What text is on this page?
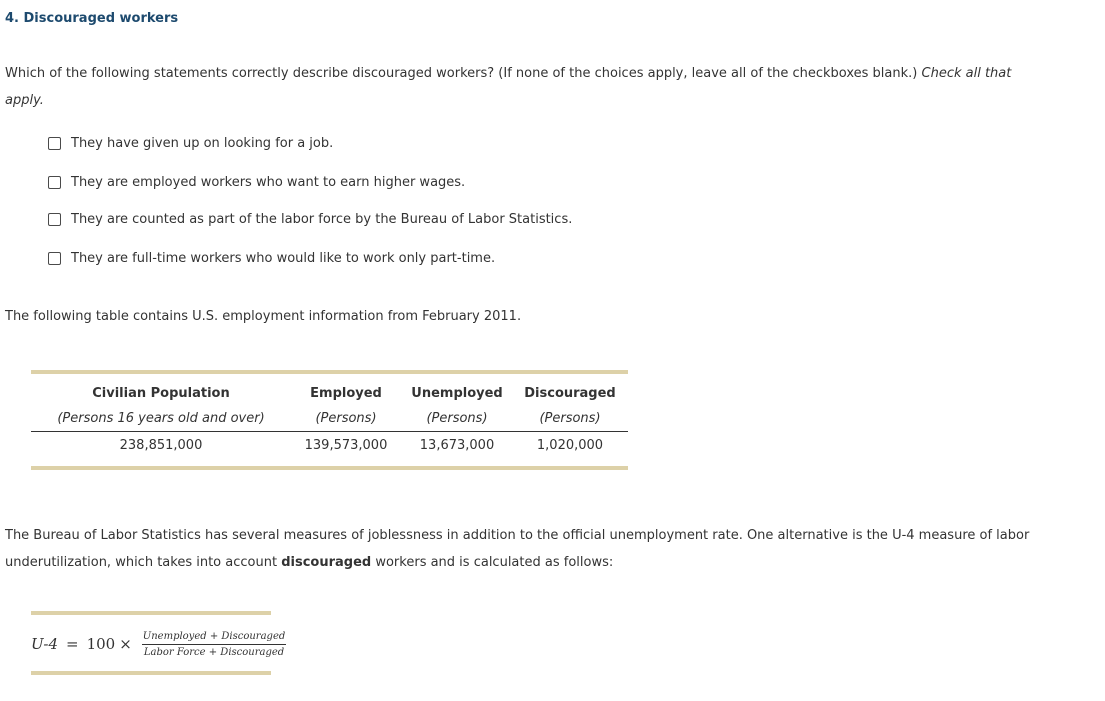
4. Discouraged workers
Which of the following statements correctly describe discouraged workers? (If none of the choices apply, leave all of the checkboxes blank.) Check all that apply.
They have given up on looking for a job.
They are employed workers who want to earn higher wages.
They are counted as part of the labor force by the Bureau of Labor Statistics.
They are full-time workers who would like to work only part-time.
The following table contains U.S. employment information from February 2011.
Civilian Population	Employed	Unemployed	Discouraged
(Persons 16 years old and over)	(Persons)	(Persons)	(Persons)
238,851,000	139,573,000	13,673,000	1,020,000
The Bureau of Labor Statistics has several measures of joblessness in addition to the official unemployment rate. One alternative is the U-4 measure of labor underutilization, which takes into account discouraged workers and is calculated as follows:
$U-4 = 100 \times \frac{\text{Unemployed + Discouraged}}{\text{Labor Force + Discouraged}}$
